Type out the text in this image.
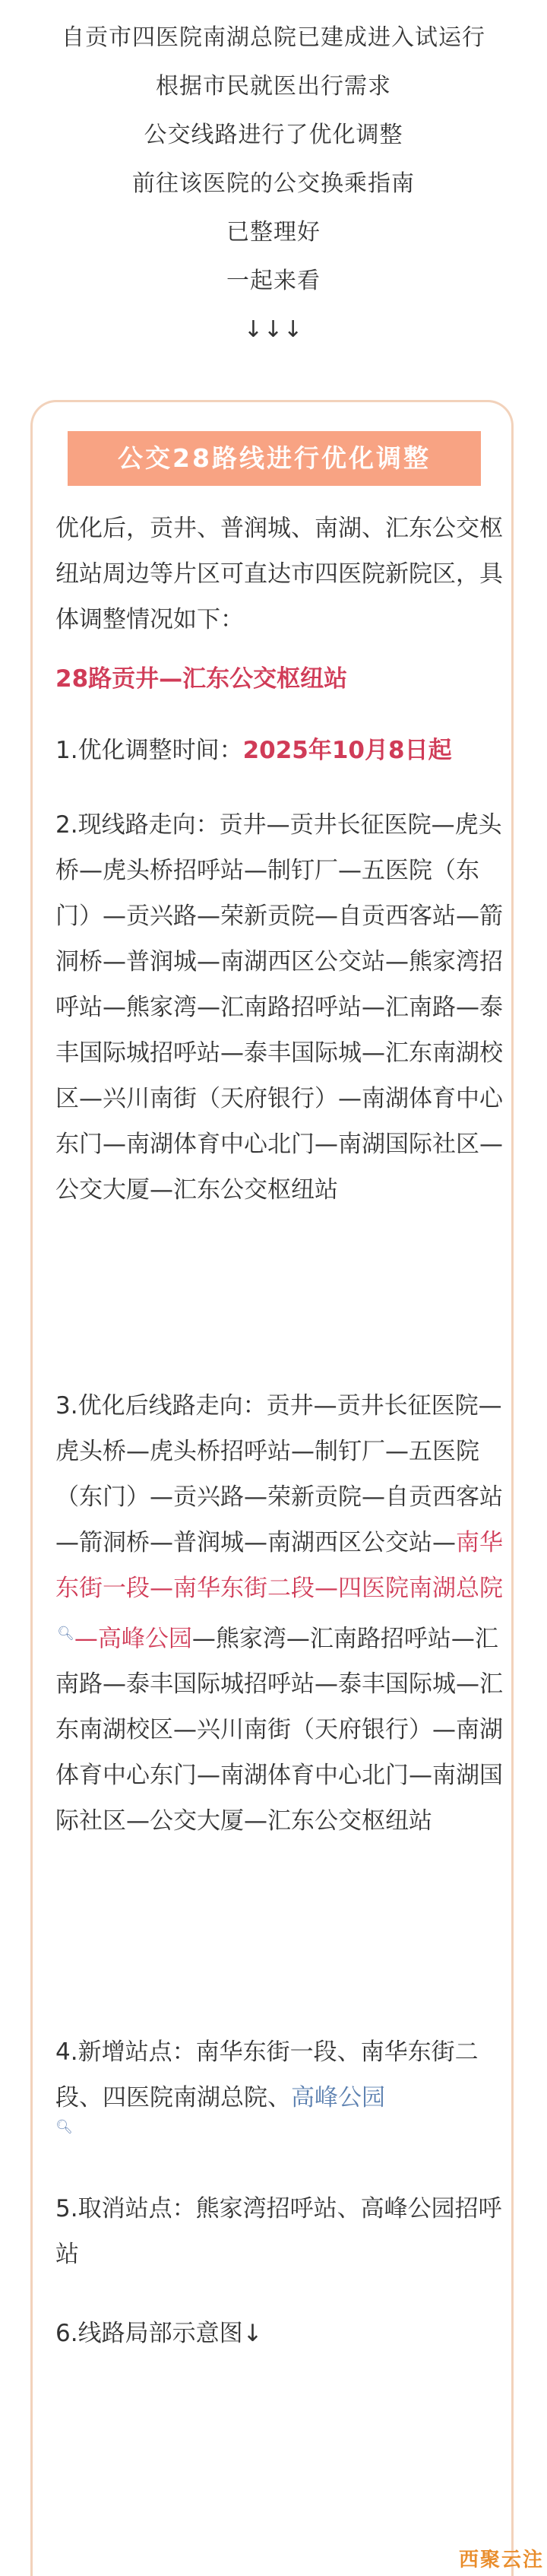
自贡市四医院南湖总院已建成进入试运行
根据市民就医出行需求
公交线路进行了优化调整
前往该医院的公交换乘指南
已整理好
一起来看
↓↓↓
公交28路线进行优化调整
优化后，贡井、普润城、南湖、汇东公交枢纽站周边等片区可直达市四医院新院区，具体调整情况如下：
28路贡井—汇东公交枢纽站
1.优化调整时间：2025年10月8日起
2.现线路走向：贡井—贡井长征医院—虎头桥—虎头桥招呼站—制钉厂—五医院（东门）—贡兴路—荣新贡院—自贡西客站—箭洞桥—普润城—南湖西区公交站—熊家湾招呼站—熊家湾—汇南路招呼站—汇南路—泰丰国际城招呼站—泰丰国际城—汇东南湖校区—兴川南街（天府银行）—南湖体育中心东门—南湖体育中心北门—南湖国际社区—公交大厦—汇东公交枢纽站
3.优化后线路走向：贡井—贡井长征医院—虎头桥—虎头桥招呼站—制钉厂—五医院（东门）—贡兴路—荣新贡院—自贡西客站—箭洞桥—普润城—南湖西区公交站—南华东街一段—南华东街二段—四医院南湖总院🔍︎—高峰公园—熊家湾—汇南路招呼站—汇南路—泰丰国际城招呼站—泰丰国际城—汇东南湖校区—兴川南街（天府银行）—南湖体育中心东门—南湖体育中心北门—南湖国际社区—公交大厦—汇东公交枢纽站
4.新增站点：南华东街一段、南华东街二段、四医院南湖总院、高峰公园
🔍︎
5.取消站点：熊家湾招呼站、高峰公园招呼站
6.线路局部示意图↓
西聚云注
